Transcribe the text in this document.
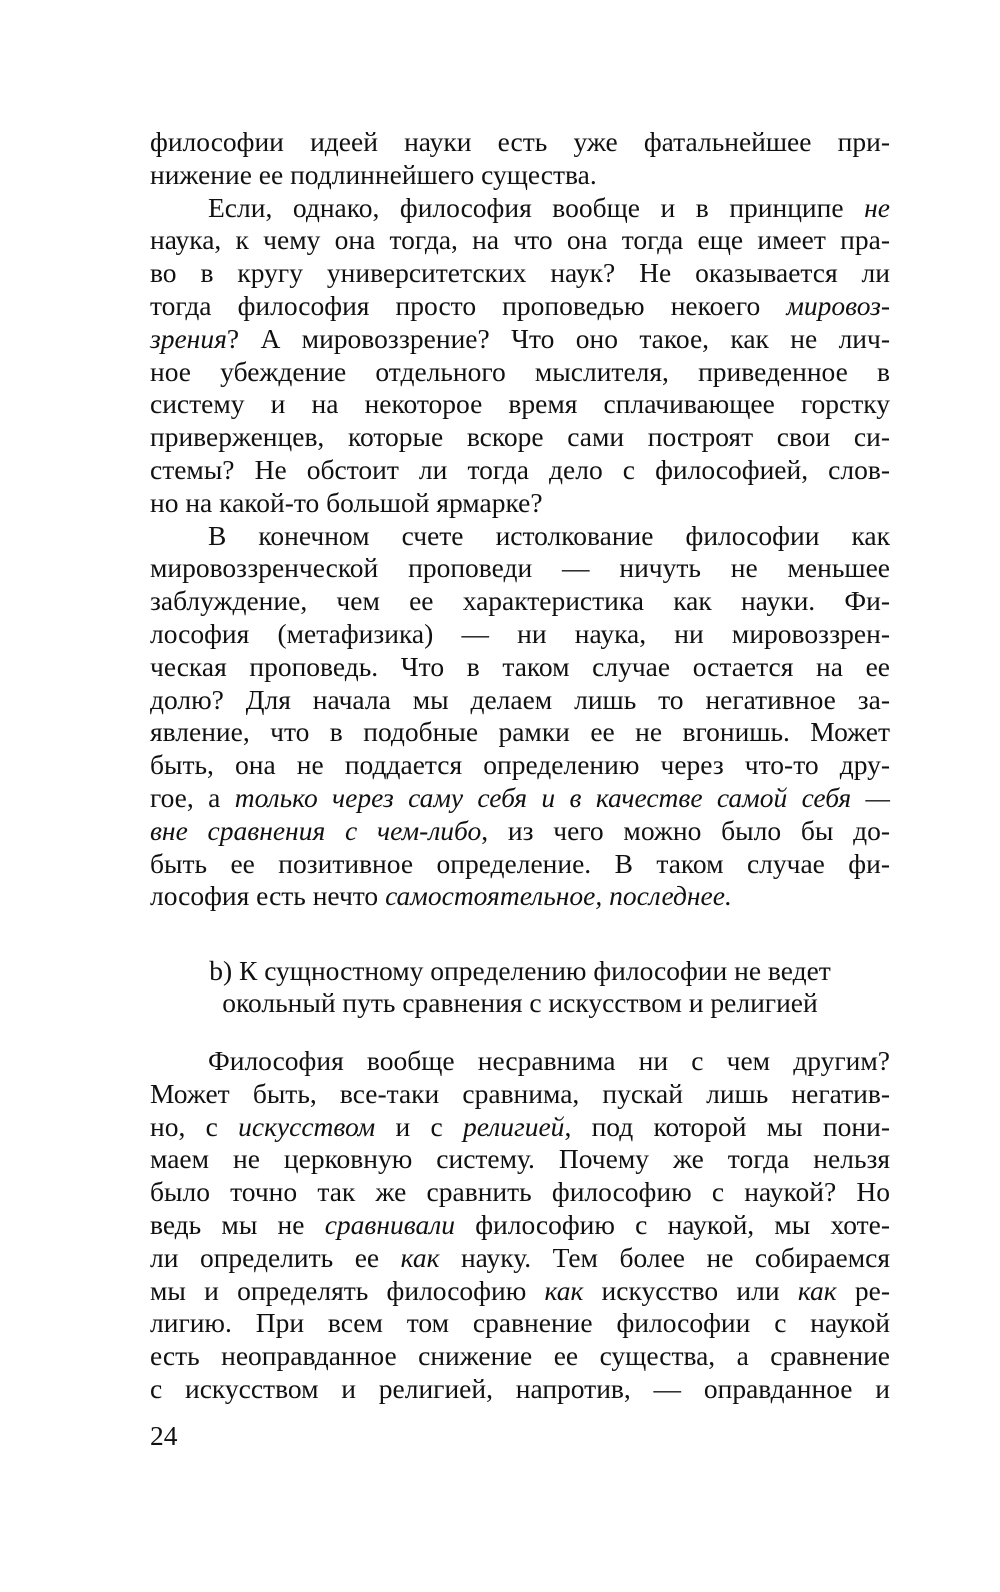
философии идеей науки есть уже фатальнейшее при-
нижение ее подлиннейшего существа.
Если, однако, философия вообще и в принципе не
наука, к чему она тогда, на что она тогда еще имеет пра-
во в кругу университетских наук? Не оказывается ли
тогда философия просто проповедью некоего мировоз-
зрения? А мировоззрение? Что оно такое, как не лич-
ное убеждение отдельного мыслителя, приведенное в
систему и на некоторое время сплачивающее горстку
приверженцев, которые вскоре сами построят свои си-
стемы? Не обстоит ли тогда дело с философией, слов-
но на какой-то большой ярмарке?
В конечном счете истолкование философии как
мировоззренческой проповеди — ничуть не меньшее
заблуждение, чем ее характеристика как науки. Фи-
лософия (метафизика) — ни наука, ни мировоззрен-
ческая проповедь. Что в таком случае остается на ее
долю? Для начала мы делаем лишь то негативное за-
явление, что в подобные рамки ее не вгонишь. Может
быть, она не поддается определению через что-то дру-
гое, а только через саму себя и в качестве самой себя —
вне сравнения с чем-либо, из чего можно было бы до-
быть ее позитивное определение. В таком случае фи-
лософия есть нечто самостоятельное, последнее.
b) К сущностному определению философии не ведет
окольный путь сравнения с искусством и религией
Философия вообще несравнима ни с чем другим?
Может быть, все-таки сравнима, пускай лишь негатив-
но, с искусством и с религией, под которой мы пони-
маем не церковную систему. Почему же тогда нельзя
было точно так же сравнить философию с наукой? Но
ведь мы не сравнивали философию с наукой, мы хоте-
ли определить ее как науку. Тем более не собираемся
мы и определять философию как искусство или как ре-
лигию. При всем том сравнение философии с наукой
есть неоправданное снижение ее существа, а сравнение
с искусством и религией, напротив, — оправданное и
24
